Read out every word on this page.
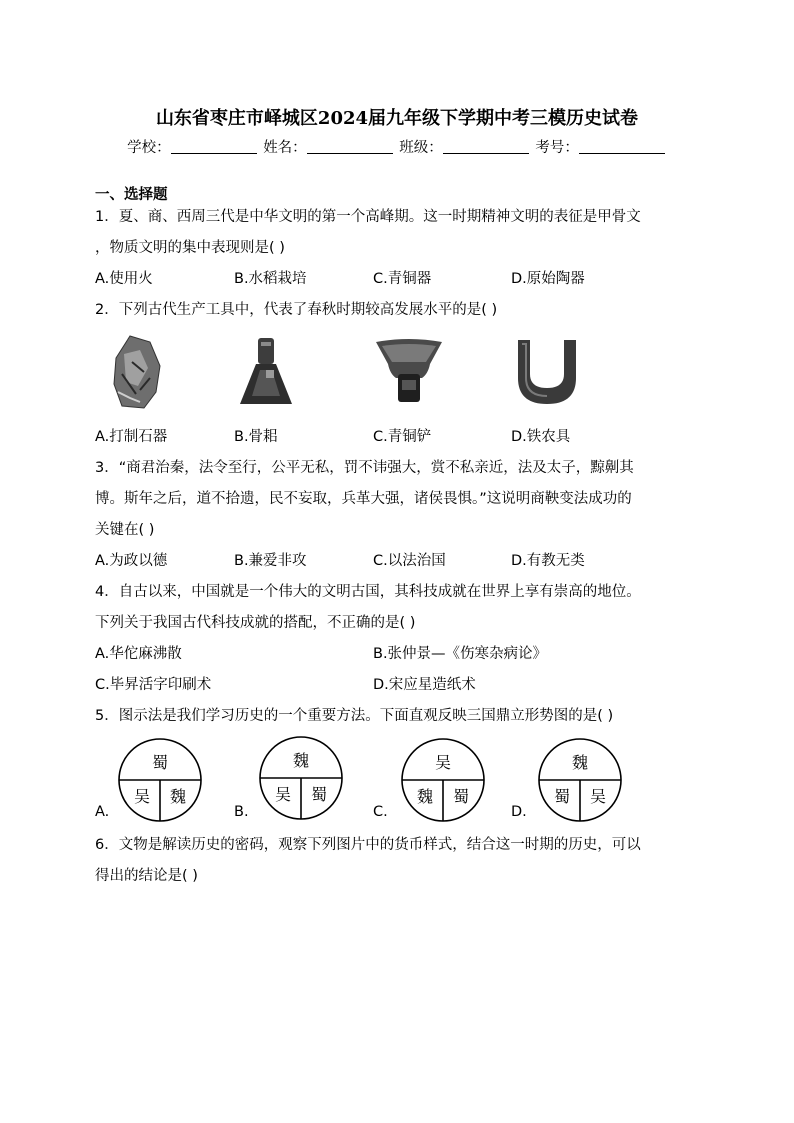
山东省枣庄市峄城区2024届九年级下学期中考三模历史试卷
学校：	姓名：	班级：	考号：
一、选择题
1．夏、商、西周三代是中华文明的第一个高峰期。这一时期精神文明的表征是甲骨文
，物质文明的集中表现则是( )
A.使用火	B.水稻栽培	C.青铜器	D.原始陶器
2．下列古代生产工具中，代表了春秋时期较高发展水平的是( )
A.打制石器	B.骨耜	C.青铜铲	D.铁农具
3．“商君治秦，法令至行，公平无私，罚不讳强大，赏不私亲近，法及太子，黥劓其
博。斯年之后，道不拾遗，民不妄取，兵革大强，诸侯畏惧。”这说明商鞅变法成功的
关键在( )
A.为政以德	B.兼爱非攻	C.以法治国	D.有教无类
4．自古以来，中国就是一个伟大的文明古国，其科技成就在世界上享有崇高的地位。
下列关于我国古代科技成就的搭配，不正确的是( )
A.华佗麻沸散	B.张仲景—《伤寒杂病论》
C.毕昇活字印刷术	D.宋应星造纸术
5．图示法是我们学习历史的一个重要方法。下面直观反映三国鼎立形势图的是( )
A.
蜀
吴 魏
B.
魏
吴 蜀
C.
吴
魏 蜀
D.
魏
蜀 吴
6．文物是解读历史的密码，观察下列图片中的货币样式，结合这一时期的历史，可以
得出的结论是( )
